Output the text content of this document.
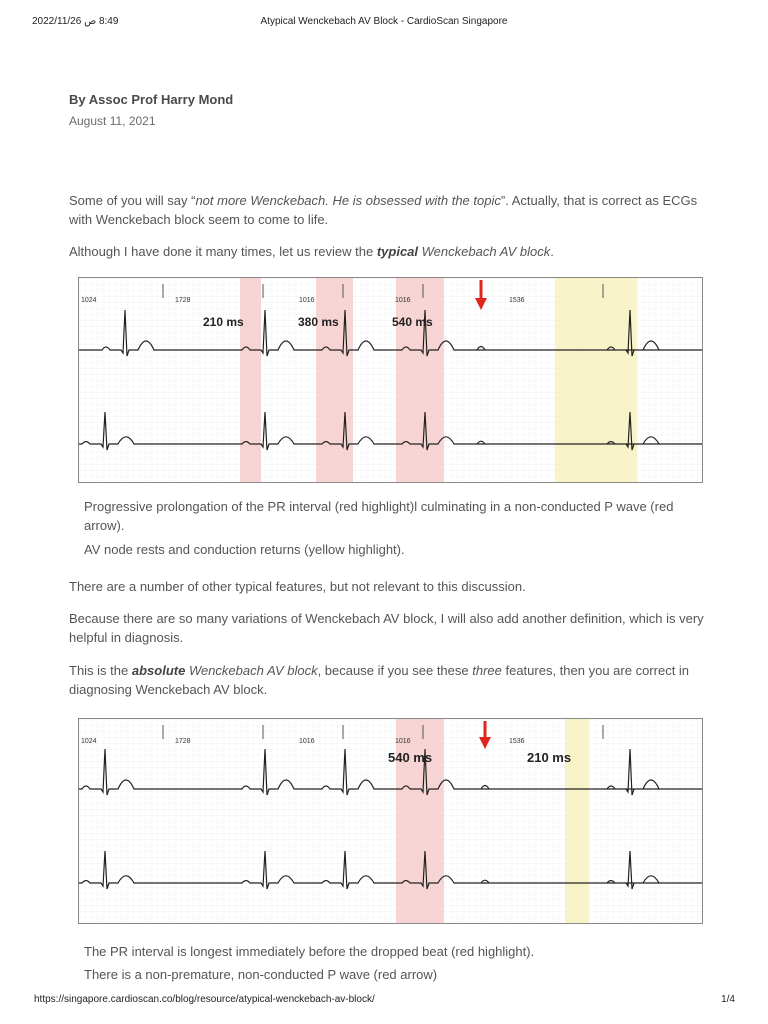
8:49 ص 2022/11/26	Atypical Wenckebach AV Block - CardioScan Singapore
By Assoc Prof Harry Mond
August 11, 2021

Some of you will say “not more Wenckebach. He is obsessed with the topic”. Actually, that is correct as ECGs with Wenckebach block seem to come to life.

Although I have done it many times, let us review the typical Wenckebach AV block.

1024	1728	1016	1016	1536
210 ms	380 ms	540 ms

Progressive prolongation of the PR interval (red highlight)l culminating in a non-conducted P wave (red arrow).

AV node rests and conduction returns (yellow highlight).

There are a number of other typical features, but not relevant to this discussion.

Because there are so many variations of Wenckebach AV block, I will also add another definition, which is very helpful in diagnosis.

This is the absolute Wenckebach AV block, because if you see these three features, then you are correct in diagnosing Wenckebach AV block.

1024	1728	1016	1016	1536
540 ms	210 ms

The PR interval is longest immediately before the dropped beat (red highlight).

There is a non-premature, non-conducted P wave (red arrow)

https://singapore.cardioscan.co/blog/resource/atypical-wenckebach-av-block/	1/4
